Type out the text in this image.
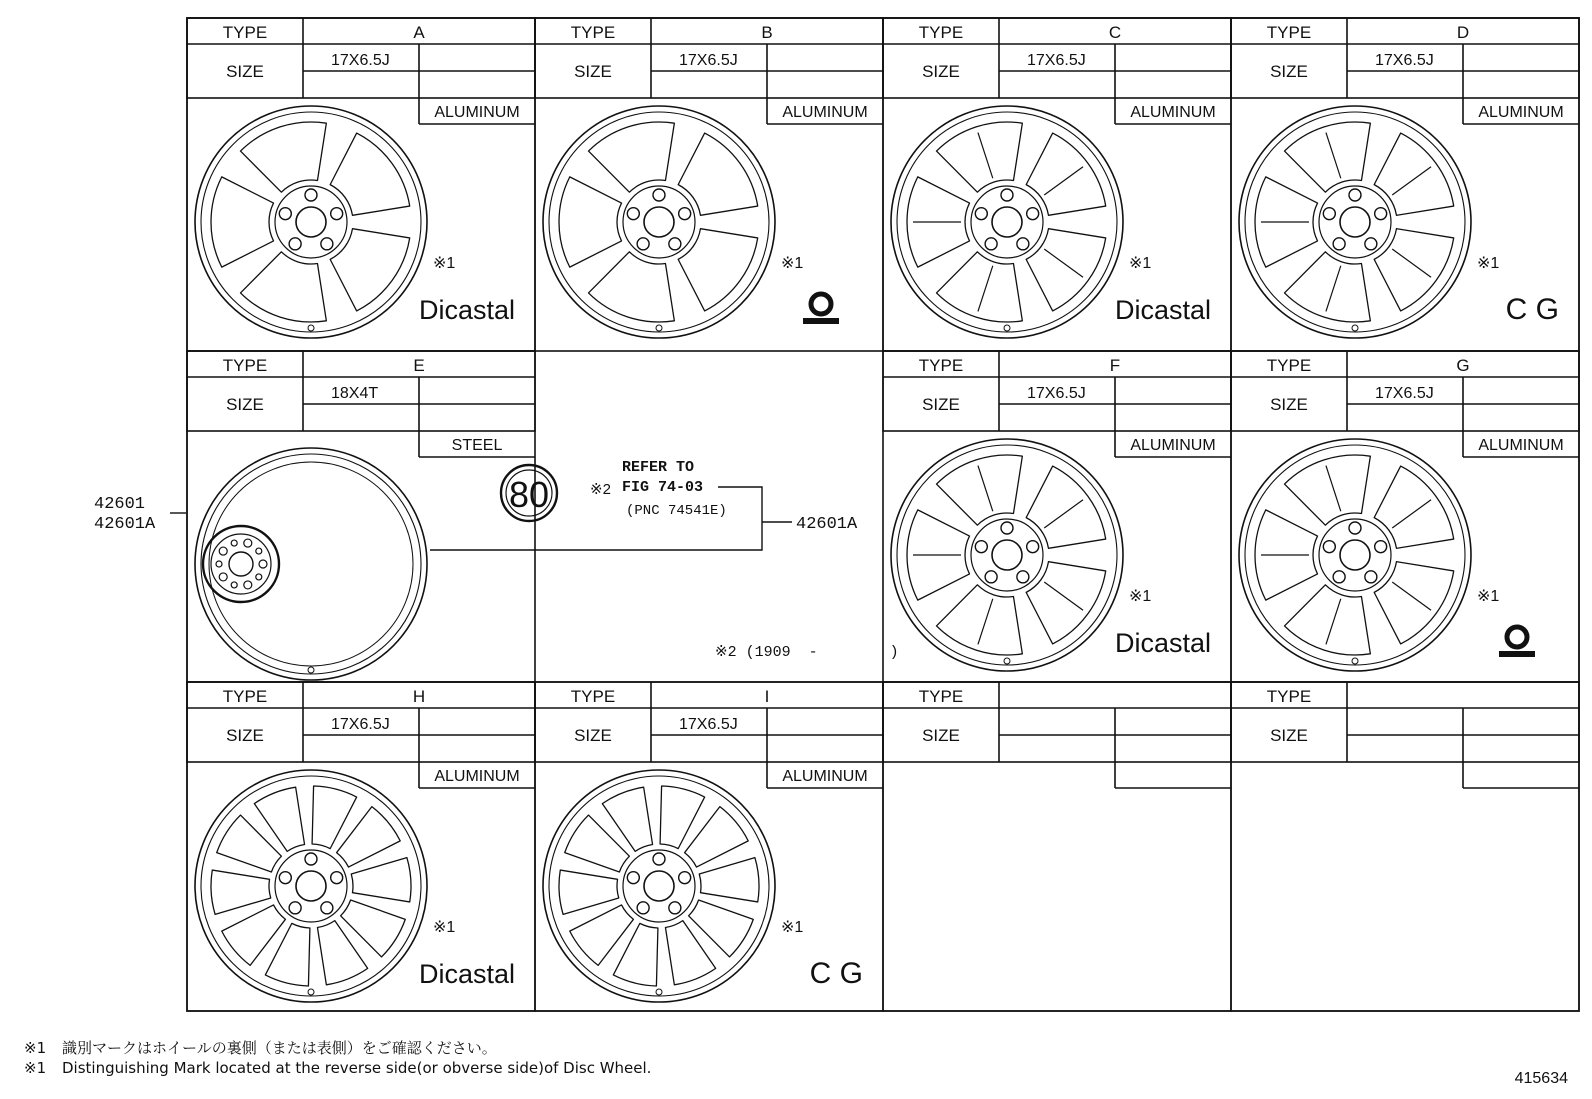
TYPE	A
SIZE
17X6.5J
ALUMINUM
※1
Dicastal
TYPE	B
SIZE
17X6.5J
ALUMINUM
※1
TYPE	C
SIZE
17X6.5J
ALUMINUM
※1
Dicastal
TYPE	D
SIZE
17X6.5J
ALUMINUM
※1
C G
TYPE	E
SIZE
18X4T
STEEL
TYPE	F
SIZE
17X6.5J
ALUMINUM
※1
Dicastal
TYPE	G
SIZE
17X6.5J
ALUMINUM
※1
TYPE	H
SIZE
17X6.5J
ALUMINUM
※1
Dicastal
TYPE	I
SIZE
17X6.5J
ALUMINUM
※1
C G
TYPE
SIZE
TYPE
SIZE
42601
42601A
80	※2
REFER TO
FIG 74-03
(PNC 74541E)
42601A
※2 (1909  -        )
※1 識別マークはホイールの裏側（または表側）をご確認ください。
※1 Distinguishing Mark located at the reverse side(or obverse side)of Disc Wheel.
415634
